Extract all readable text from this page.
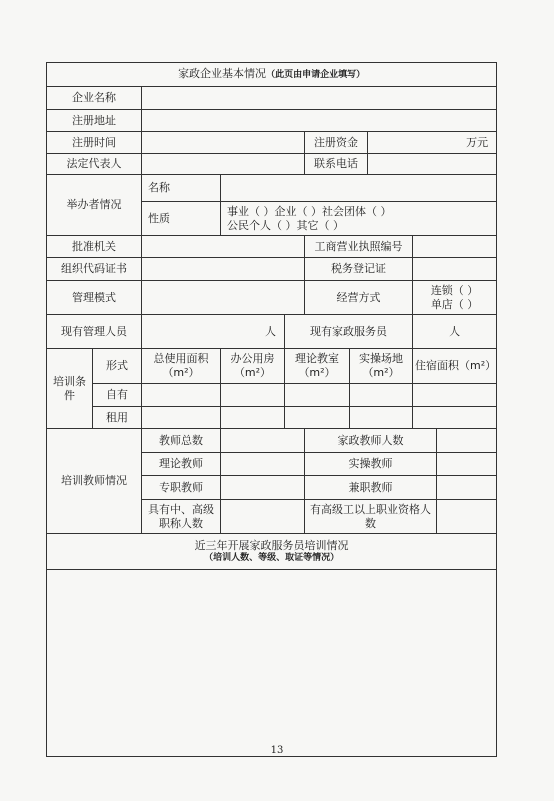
家政企业基本情况（此页由申请企业填写）									
企业名称									
注册地址									
注册时间					注册资金		万元		
法定代表人					联系电话				
举办者情况		名称							
		性质	事业（ ）企业（ ）社会团体（ ）
公民个人（ ）其它（ ）						

批准机关					工商营业执照编号				
组织代码证书					税务登记证				
管理模式					经营方式			连锁（ ）
单店（ ）	

现有管理人员		人		现有家政服务员				人	
培训条件	形式	总使用面积（m²）	办公用房（m²）	理论教室（m²）		实操场地（m²）		住宿面积（m²）	
	自有								
	租用								
培训教师情况		教师总数			家政教师人数				
		理论教师			实操教师				
		专职教师			兼职教师				
		具有中、高级职称人数			有高级工以上职业资格人数				

近三年开展家政服务员培训情况
（培训人数、等级、取证等情况）									

13
